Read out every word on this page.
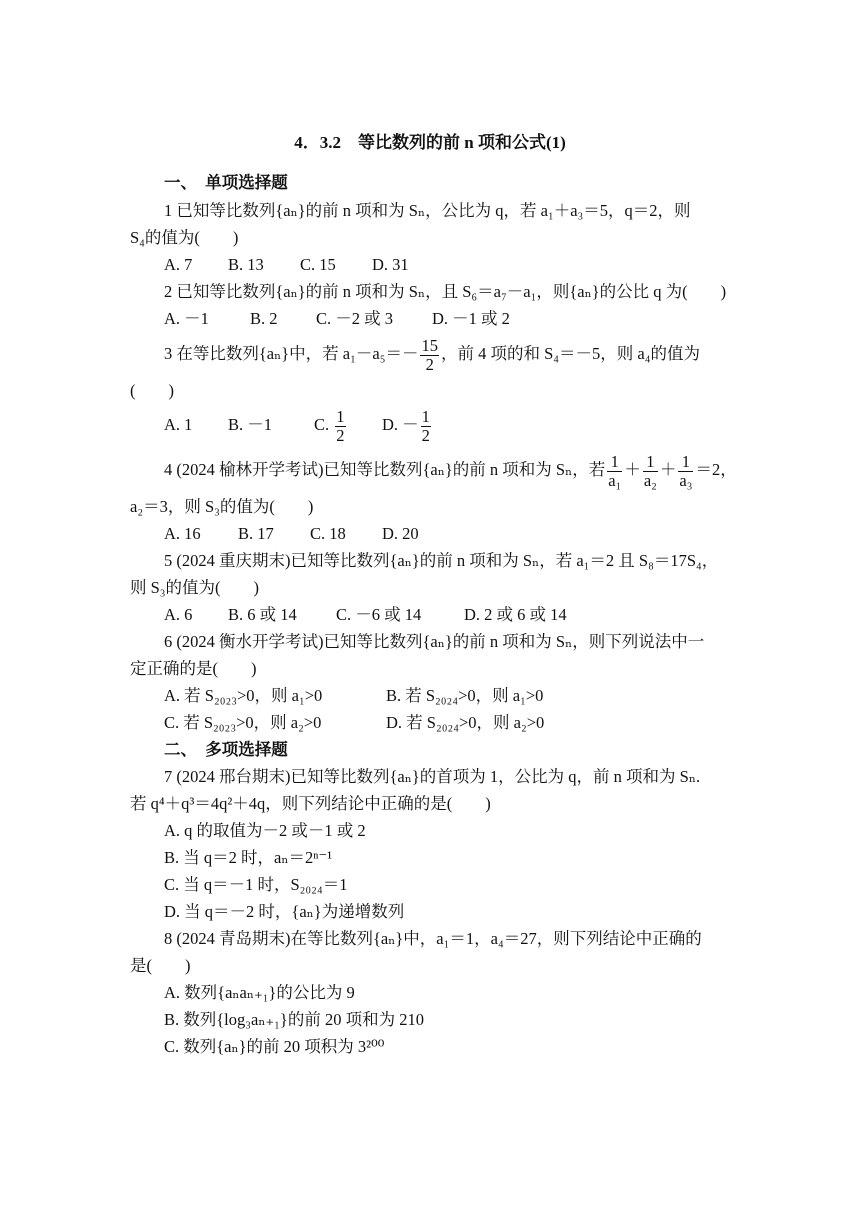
4．3.2　等比数列的前 n 项和公式(1)
一、　单项选择题
1 已知等比数列{aₙ}的前 n 项和为 Sₙ，公比为 q，若 a₁＋a₃＝5，q＝2，则
S₄的值为(　　)
A. 7 B. 13 C. 15 D. 31
2 已知等比数列{aₙ}的前 n 项和为 Sₙ，且 S₆＝a₇－a₁，则{aₙ}的公比 q 为(　　)
A. －1 B. 2 C. －2 或 3 D. －1 或 2
3 在等比数列{aₙ}中，若 $a_1-a_5=- \frac{15}{2}$ ，前 4 项的和 S₄＝－5，则 a₄的值为
(　　)
A. 1 B. －1	C. $\frac{1}{2} D$. － $\frac{1}{2}$
4 (2024 榆林开学考试)已知等比数列{aₙ}的前 n 项和为 Sₙ，若 $\frac{1}{\text{a₁}} + \frac{1}{\text{a₂}} + \frac{1}{\text{a₃}} =2$，
a₂＝3，则 S₃的值为(　　)
A. 16 B. 17 C. 18 D. 20
5 (2024 重庆期末)已知等比数列{aₙ}的前 n 项和为 Sₙ，若 a₁＝2 且 S₈＝17S₄，
则 S₃的值为(　　)
A. 6 B. 6 或 14 C. －6 或 14	D. 2 或 6 或 14
6 (2024 衡水开学考试)已知等比数列{aₙ}的前 n 项和为 Sₙ，则下列说法中一
定正确的是(　　)
A. 若 S₂₀₂₃>0，则 a₁>0	B. 若 S₂₀₂₄>0，则 a₁>0
C. 若 S₂₀₂₃>0，则 a₂>0	D. 若 S₂₀₂₄>0，则 a₂>0
二、　多项选择题
7 (2024 邢台期末)已知等比数列{aₙ}的首项为 1，公比为 q，前 n 项和为 Sₙ.
若 q⁴＋q³＝4q²＋4q，则下列结论中正确的是(　　)
A. q 的取值为－2 或－1 或 2
B. 当 q＝2 时，aₙ＝2ⁿ⁻¹
C. 当 q＝－1 时，S₂₀₂₄＝1
D. 当 q＝－2 时，{aₙ}为递增数列
8 (2024 青岛期末)在等比数列{aₙ}中，a₁＝1，a₄＝27，则下列结论中正确的
是(　　)
A. 数列{aₙaₙ₊₁}的公比为 9
B. 数列{log₃aₙ₊₁}的前 20 项和为 210
C. 数列{aₙ}的前 20 项积为 3²⁰⁰
